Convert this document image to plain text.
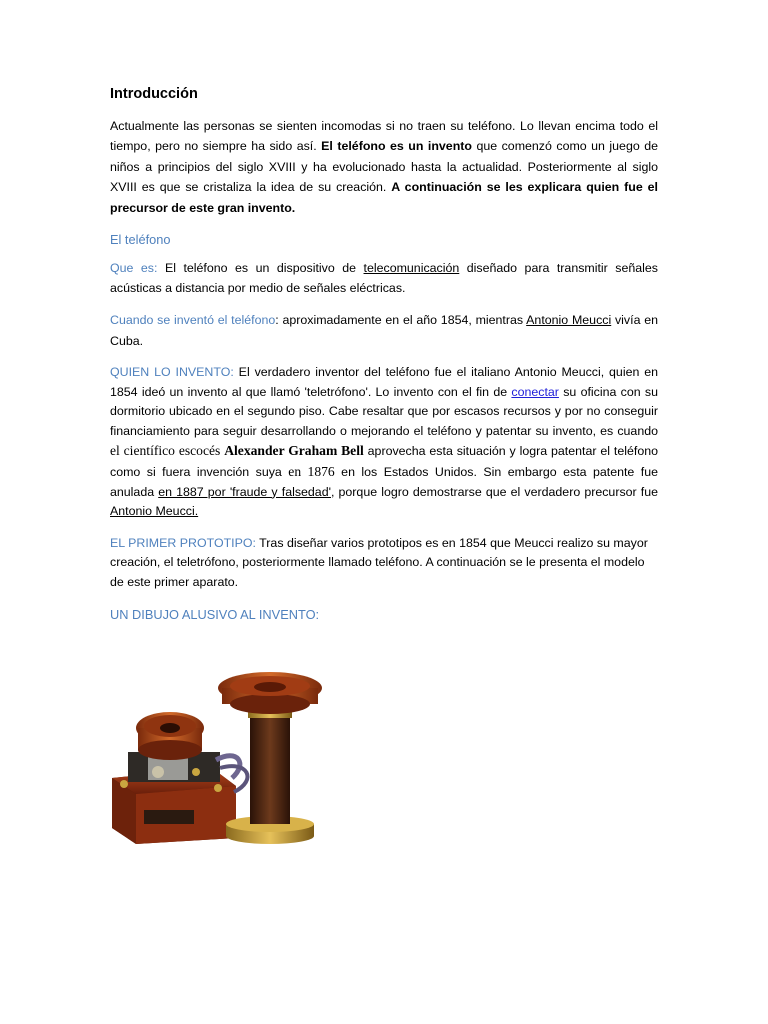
Introducción

Actualmente las personas se sienten incomodas si no traen su teléfono. Lo llevan encima todo el tiempo, pero no siempre ha sido así. El teléfono es un invento que comenzó como un juego de niños a principios del siglo XVIII y ha evolucionado hasta la actualidad. Posteriormente al siglo XVIII es que se cristaliza la idea de su creación. A continuación se les explicara quien fue el precursor de este gran invento.

El teléfono

Que es: El teléfono es un dispositivo de telecomunicación diseñado para transmitir señales acústicas a distancia por medio de señales eléctricas.

Cuando se inventó el teléfono: aproximadamente en el año 1854, mientras Antonio Meucci vivía en Cuba.

QUIEN LO INVENTO: El verdadero inventor del teléfono fue el italiano Antonio Meucci, quien en 1854 ideó un invento al que llamó 'teletrófono'. Lo invento con el fin de conectar su oficina con su dormitorio ubicado en el segundo piso. Cabe resaltar que por escasos recursos y por no conseguir financiamiento para seguir desarrollando o mejorando el teléfono y patentar su invento, es cuando el científico escocés Alexander Graham Bell aprovecha esta situación y logra patentar el teléfono como si fuera invención suya en 1876 en los Estados Unidos. Sin embargo esta patente fue anulada en 1887 por 'fraude y falsedad', porque logro demostrarse que el verdadero precursor fue Antonio Meucci.

EL PRIMER PROTOTIPO: Tras diseñar varios prototipos es en 1854 que Meucci realizo su mayor creación, el teletrófono, posteriormente llamado teléfono. A continuación se le presenta el modelo de este primer aparato.

UN DIBUJO ALUSIVO AL INVENTO:
